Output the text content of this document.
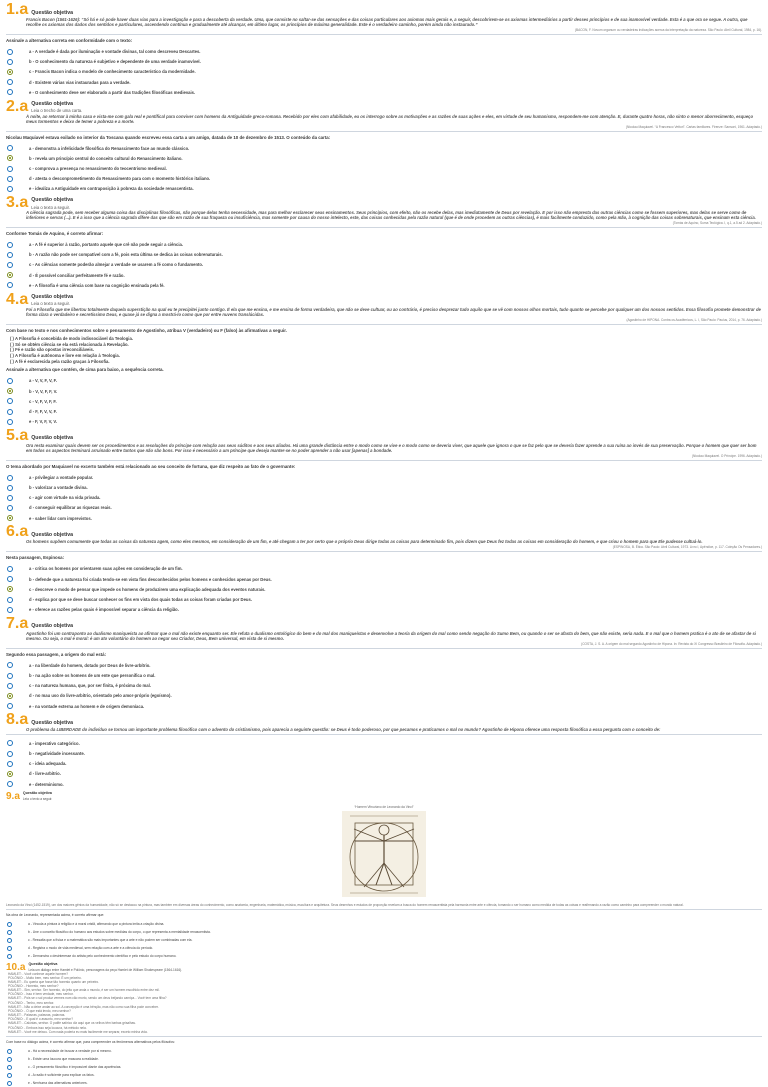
1.a Questão objetiva

Francis Bacon (1561-1626): “Só há e só pode haver duas vias para a investigação e para a descoberta da verdade. Uma, que consiste no saltar-se das sensações e das coisas particulares aos axiomas mais gerais e, a seguir, descobrirem-se os axiomas intermediários a partir desses princípios e de sua inamovível verdade. Esta é a que ora se segue. A outra, que recolhe os axiomas dos dados dos sentidos e particulares, ascendendo contínua e gradualmente até alcançar, em último lugar, os princípios de máxima generalidade. Este é o verdadeiro caminho, porém ainda não instaurado.”

(BACON, F. Novum organum ou verdadeiras indicações acerca da interpretação da natureza. São Paulo: Abril Cultural, 1984, p. 16).

Assinale a alternativa correta em conformidade com o texto:

a - A verdade é dada por iluminação e vontade divinas, tal como descreveu Descartes.
b - O conhecimento da natureza é subjetivo e dependente de uma verdade inamovível.
c - Francis Bacon indica o modelo de conhecimento característico da modernidade.
d - Existem várias vias instauradas para a verdade.
e - O conhecimento deve ser elaborado a partir das tradições filosóficas medievais.
2.a Questão objetiva
Leia o trecho de uma carta.

À noite, ao retornar à minha casa e vista-me com gala real e pontifical para conviver com homens da Antiguidade greco-romana. Recebido por eles com afabilidade, eu os interrogo sobre as motivações e as razões de suas ações e eles, em virtude de seu humanismo, respondem-me com atenção. E, durante quatro horas, não sinto o menor aborrecimento, esqueço meus tormentos e deixo de temer a pobreza e a morte.

(Nicolau Maquiavel. “A Francesco Vettori”. Cartas familiares. Firenze: Sansoni, 1961. Adaptado.)

Nicolau Maquiavel estava exilado no interior da Toscana quando escreveu essa carta a um amigo, datada de 10 de dezembro de 1513. O conteúdo da carta:

a - demonstra a infelicidade filosófica do Renascimento face ao mundo clássico.
b - revela um princípio central do conceito cultural do Renascimento italiano.
c - comprova a presença no renascimento do teocentrismo medieval.
d - atesta o desconprometimento do Renascimento para com o momento histórico italiano.
e - idealiza a Antiguidade em contraposição à pobreza da sociedade renascentista.
3.a Questão objetiva
Leia o texto a seguir.

A ciência sagrada pode, sem receber alguma coisa das disciplinas filosóficas, não porque delas tenha necessidade, mas para melhor esclarecer seus ensinamentos. Seus princípios, com efeito, não os recebe delas, mas imediatamente de Deus por revelação. E por isso não empresta das outras ciências como se fossem superiores, mas delas se serve como de inferiores e servas (...). E é a isso que a ciência sagrada difere das que são em razão de sua fraqueza ou insuficiência, mas somente por causa do nosso intelecto, este, das coisas conhecidas pela razão natural (que é de onde procedem as outras ciências), é mais facilmente conduzido, como pela mão, à cognição das coisas sobrenaturais, que ensinam esta ciência.

(Tomás de Aquino, Suma Teológica. I, q.1, a.5 ad 2. Adaptado.)

Conforme Tomás de Aquino, é correto afirmar:

a - A fé é superior à razão, portanto aquele que crê não pode seguir a ciência.
b - A razão não pode ser compatível com a fé, pois esta última se dedica às coisas sobrenaturais.
c - As ciências somente poderão almejar a verdade se usarem a fé como o fundamento.
d - É possível conciliar perfeitamente fé e razão.
e - A filosofia é uma ciência com base na cognição ensinada pela fé.
4.a Questão objetiva
Leia o texto a seguir.

Foi a Filosofia que me libertou totalmente daquela superstição na qual eu te precipitei junto contigo. É ela que me ensina, e me ensina de forma verdadeira, que não se deve cultuar, ou ao contrário, é preciso desprezar tudo aquilo que se vê com nossos olhos mortais, tudo quanto se percebe por qualquer um dos nossos sentidos. Essa filosofia promete demonstrar de forma clara o verdadeiro e secretíssimo Deus, e quase já se digna a mostrá-lo como que por entre nuvens translúcidas.

(Agostinho de HIPONA. Contra os Acadêmicos, L. I, São Paulo: Paulus, 2014, p. 76. Adaptado.)

Com base no texto e nos conhecimentos sobre o pensamento de Agostinho, atribua V (verdadeiro) ou F (falso) às afirmativas a seguir.

( ) A Filosofia é concebida de modo indissociável da Teologia.

( ) Só se obtém ciência se ela está relacionada à Revelação.

( ) Fé e razão são opostas irreconciliáveis.

( ) A Filosofia é autônoma e livre em relação à Teologia.

( ) A fé é esclarecida pela razão graças à Filosofia.

Assinale a alternativa que contém, de cima para baixo, a sequência correta.

a - V, V, F, V, F.
b - V, V, F, F, V.
c - V, F, V, F, F.
d - F, F, V, V, F.
e - F, V, F, V, V.
5.a Questão objetiva

Ora resta examinar quais devem ser os procedimentos e as resoluções do príncipe com relação aos seus súditos e aos seus aliados. Há uma grande distância entre o modo como se vive e o modo como se deveria viver, que aquele que ignora o que se faz pelo que se deveria fazer aprende a sua ruína ao invés de sua preservação. Porque o homem que quer ser bom em todos os aspectos terminará arruinado entre tantos que não são bons. Por isso é necessário a um príncipe que deseja manter-se no poder aprender a não usar [apenas] a bondade.

(Nicolau Maquiavel. O Príncipe. 1996. Adaptado.)

O tema abordado por Maquiavel no excerto também está relacionado ao seu conceito de fortuna, que diz respeito ao fato de o governante:

a - privilegiar a vontade popular.
b - valorizar a vontade divina.
c - agir com virtude na vida privada.
d - conseguir equilibrar as riquezas reais.
e - saber lidar com imprevistos.
6.a Questão objetiva

Os homens supõem comumente que todas as coisas da natureza agem, como eles mesmos, em consideração de um fim, e até chegam a ter por certo que o próprio Deus dirige todas as coisas para determinado fim, pois dizem que Deus fez todas as coisas em consideração do homem, e que criou o homem para que Ele pudesse cultuá-lo.

(ESPINOSA, B. Ética. São Paulo: Abril Cultural, 1973. Livro I, Apêndice, p. 117. Coleção Os Pensadores.)

Nesta passagem, Espinosa:

a - critica os homens por orientarem suas ações em consideração de um fim.
b - defende que a natureza foi criada tendo-se em vista fins desconhecidos pelos homens e conhecidos apenas por Deus.
c - descreve o modo de pensar que impede os homens de produzirem uma explicação adequada dos eventos naturais.
d - explica por que se deve buscar conhecer os fins em vista dos quais todas as coisas foram criadas por Deus.
e - oferece as razões pelas quais é impossível separar a ciência da religião.
7.a Questão objetiva

Agostinho foi um contraponto ao dualismo maniqueísta ao afirmar que o mal não existe enquanto ser. Ele refuta o dualismo ontológico do bem e do mal dos maniqueístas e desenvolve a teoria da origem do mal como sendo negação do Sumo Bem, ou quando o ser se afasta do bem, que não existe, seria nada. E o mal que o homem pratica é o ato de se afastar de si mesmo. Ou seja, o mal é moral: é um ato voluntário do homem ao negar seu Criador, Deus, Bem universal, em vista de si mesmo.

(COSTA, J. S. A. A origem do mal segundo Agostinho de Hipona. In: Revista do XI Congresso Brasileiro de Filosofia. Adaptado.)

Segundo essa passagem, a origem do mal está:

a - na liberdade do homem, dotado por Deus de livre-arbítrio.
b - na ação sobre os homens de um ente que personifica o mal.
c - na natureza humana, que, por ser finita, é próxima do mal.
d - no mau uso do livre-arbítrio, orientado pelo amor-próprio (egoísmo).
e - na vontade externa ao homem e de origem demoníaca.
8.a Questão objetiva

O problema da LIBERDADE do indivíduo se tornou um importante problema filosófico com o advento do cristianismo, pois aparecia a seguinte questão: se Deus é todo poderoso, por que pecamos e praticamos o mal no mundo? Agostinho de Hipona oferece uma resposta filosófica a essa pergunta com o conceito de:

a - imperativo categórico.
b - negatividade incessante.
c - ideia adequada.
d - livre-arbítrio.
e - determinismo.
9.a Questão objetiva
Leia o texto a seguir.
“Homem Vitruviano de Leonardo da Vinci”

Leonardo da Vinci (1452-1519), um dos maiores gênios da humanidade, não só se destacou na pintura, mas também em diversas áreas do conhecimento, como anatomia, engenharia, matemática, música, escultura e arquitetura. Seus desenhos e estudos de proporção revelam a busca do homem renascentista pela harmonia entre arte e ciência, tomando o ser humano como medida de todas as coisas e reafirmando a razão como caminho para compreender o mundo natural.

Na obra de Leonardo, representada acima, é correto afirmar que:

a - Vincula a pintura à religião e à moral cristã, afirmando que a pintura imita a criação divina.
b - Une o conceito filosófico do humano aos estudos sobre medidas do corpo, o que representa a mentalidade renascentista.
c - Ressalta que a física e a matemática são mais importantes que a arte e não podem ser combinadas com ela.
d - Registra o modo de vida medieval, sem relação com a arte e a ciência do período.
e - Demonstra o desinteresse do artista pelo conhecimento científico e pelo estudo do corpo humano.
10.a Questão objetiva
Leia um diálogo entre Hamlet e Polônio, personagens da peça Hamlet de William Shakespeare (1564-1616).

HAMLET: - Você conhece aquele homem?

POLÔNIO: - Muito bem, meu senhor. É um peixeiro.

HAMLET: - Eu queria que fosse tão honesto quanto um peixeiro.

POLÔNIO: - Honesto, meu senhor?

HAMLET: - Sim, senhor. Ser honesto, do jeito que anda o mundo, é ser um homem escolhido entre dez mil.

POLÔNIO: - Isso é bem verdade, meu senhor.

HAMLET: - Pois se o sol produz vermes num cão morto, sendo um deus beijando carniça... Você tem uma filha?

POLÔNIO: - Tenho, meu senhor.

HAMLET: - Não a deixe andar ao sol. A concepção é uma bênção, mas não como sua filha pode conceber.

POLÔNIO: - O que está lendo, meu senhor?

HAMLET: - Palavras, palavras, palavras.

POLÔNIO: - E qual é o assunto, meu senhor?

HAMLET: - Calúnias, senhor. O patife satírico diz aqui que os velhos têm barbas grisalhas.

POLÔNIO: - Embora isso seja loucura, há método nela.

HAMLET: - Você me deixou. Com nada poderia eu mais facilmente me separar, exceto minha vida.

Com base no diálogo acima, é correto afirmar que, para compreender os fenômenos alternativos pelos filósofos:

a - Há a necessidade de buscar a verdade por si mesmo.
b - Existe uma loucura que mascara a realidade.
c - O pensamento filosófico é impossível diante das aparências.
d - A razão é suficiente para explicar os fatos.
e - Nenhuma das alternativas anteriores.
